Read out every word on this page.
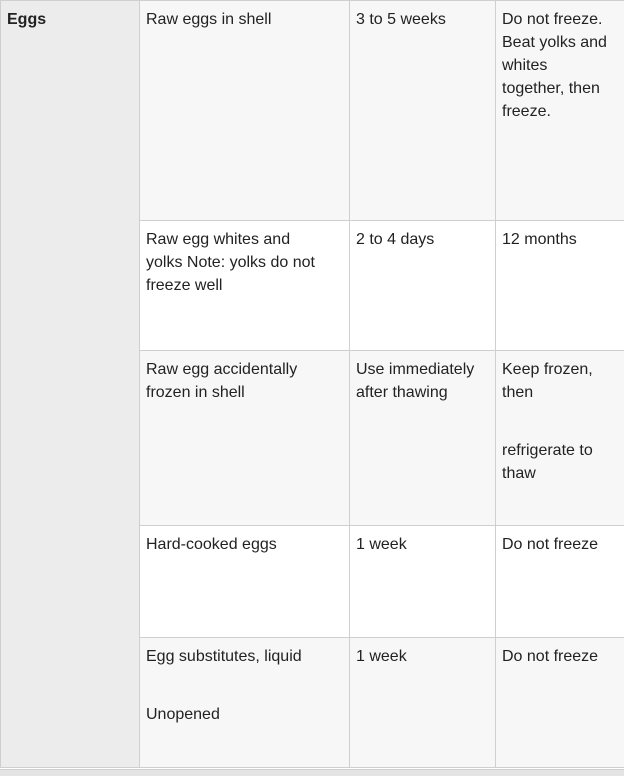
Eggs	Raw eggs in shell	3 to 5 weeks	Do not freeze.
Beat yolks and
whites
together, then
freeze.

	Raw egg whites and
yolks Note: yolks do not
freeze well	2 to 4 days	12 months

	Raw egg accidentally
frozen in shell	Use immediately
after thawing	Keep frozen,
then
refrigerate to
thaw

	Hard-cooked eggs	1 week	Do not freeze

	Egg substitutes, liquid
Unopened	1 week	Do not freeze
